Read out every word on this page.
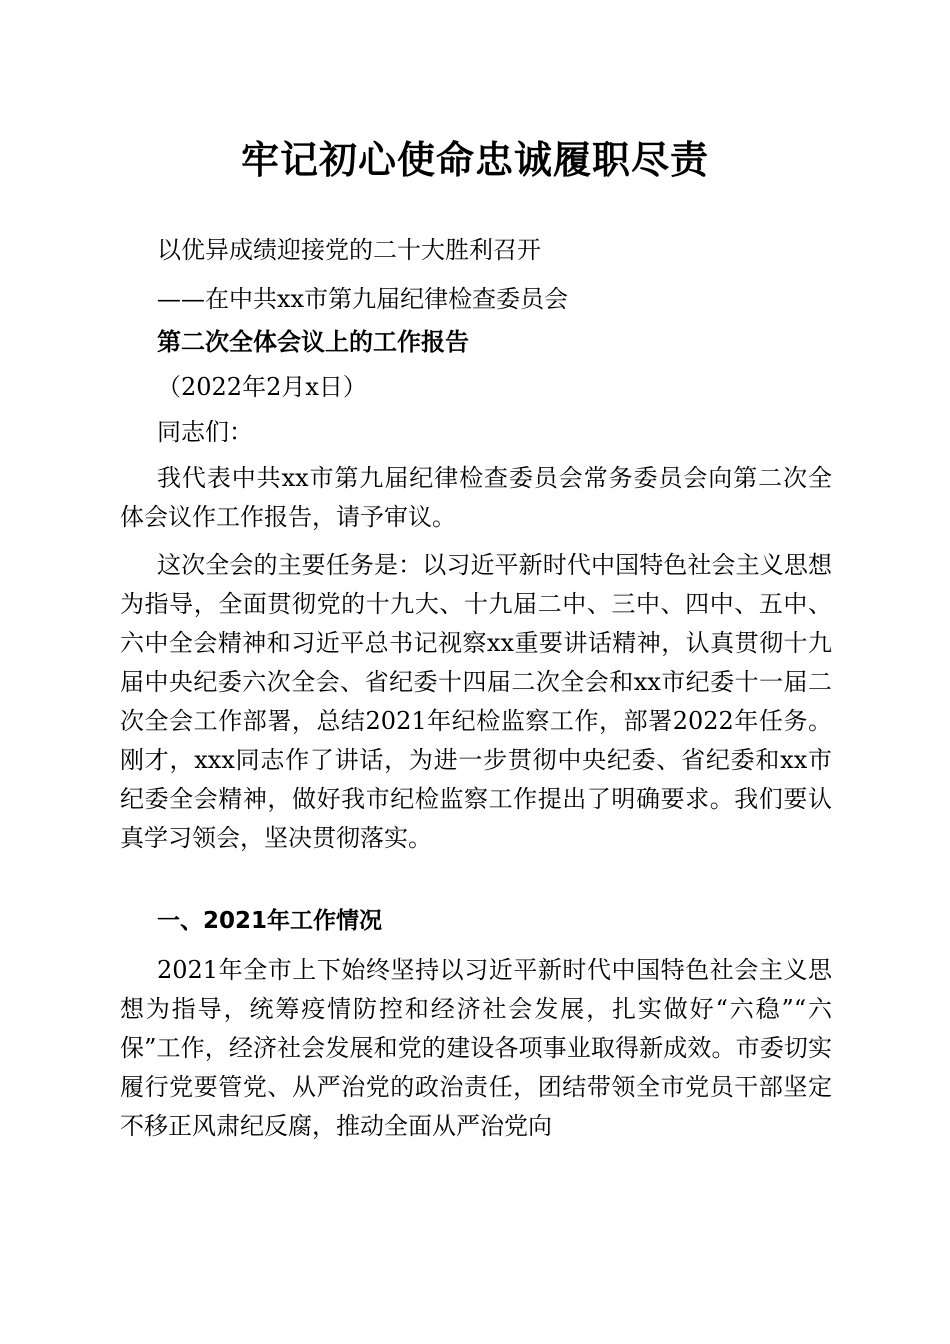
牢记初心使命忠诚履职尽责
以优异成绩迎接党的二十大胜利召开
——在中共xx市第九届纪律检查委员会
第二次全体会议上的工作报告
（2022年2月x日）
同志们：
我代表中共xx市第九届纪律检查委员会常务委员会向第二次全体会议作工作报告，请予审议。
这次全会的主要任务是：以习近平新时代中国特色社会主义思想为指导，全面贯彻党的十九大、十九届二中、三中、四中、五中、六中全会精神和习近平总书记视察xx重要讲话精神，认真贯彻十九届中央纪委六次全会、省纪委十四届二次全会和xx市纪委十一届二次全会工作部署，总结2021年纪检监察工作，部署2022年任务。刚才，xxx同志作了讲话，为进一步贯彻中央纪委、省纪委和xx市纪委全会精神，做好我市纪检监察工作提出了明确要求。我们要认真学习领会，坚决贯彻落实。
一、2021年工作情况
2021年全市上下始终坚持以习近平新时代中国特色社会主义思想为指导，统筹疫情防控和经济社会发展，扎实做好“六稳”“六保”工作，经济社会发展和党的建设各项事业取得新成效。市委切实履行党要管党、从严治党的政治责任，团结带领全市党员干部坚定不移正风肃纪反腐，推动全面从严治党向
